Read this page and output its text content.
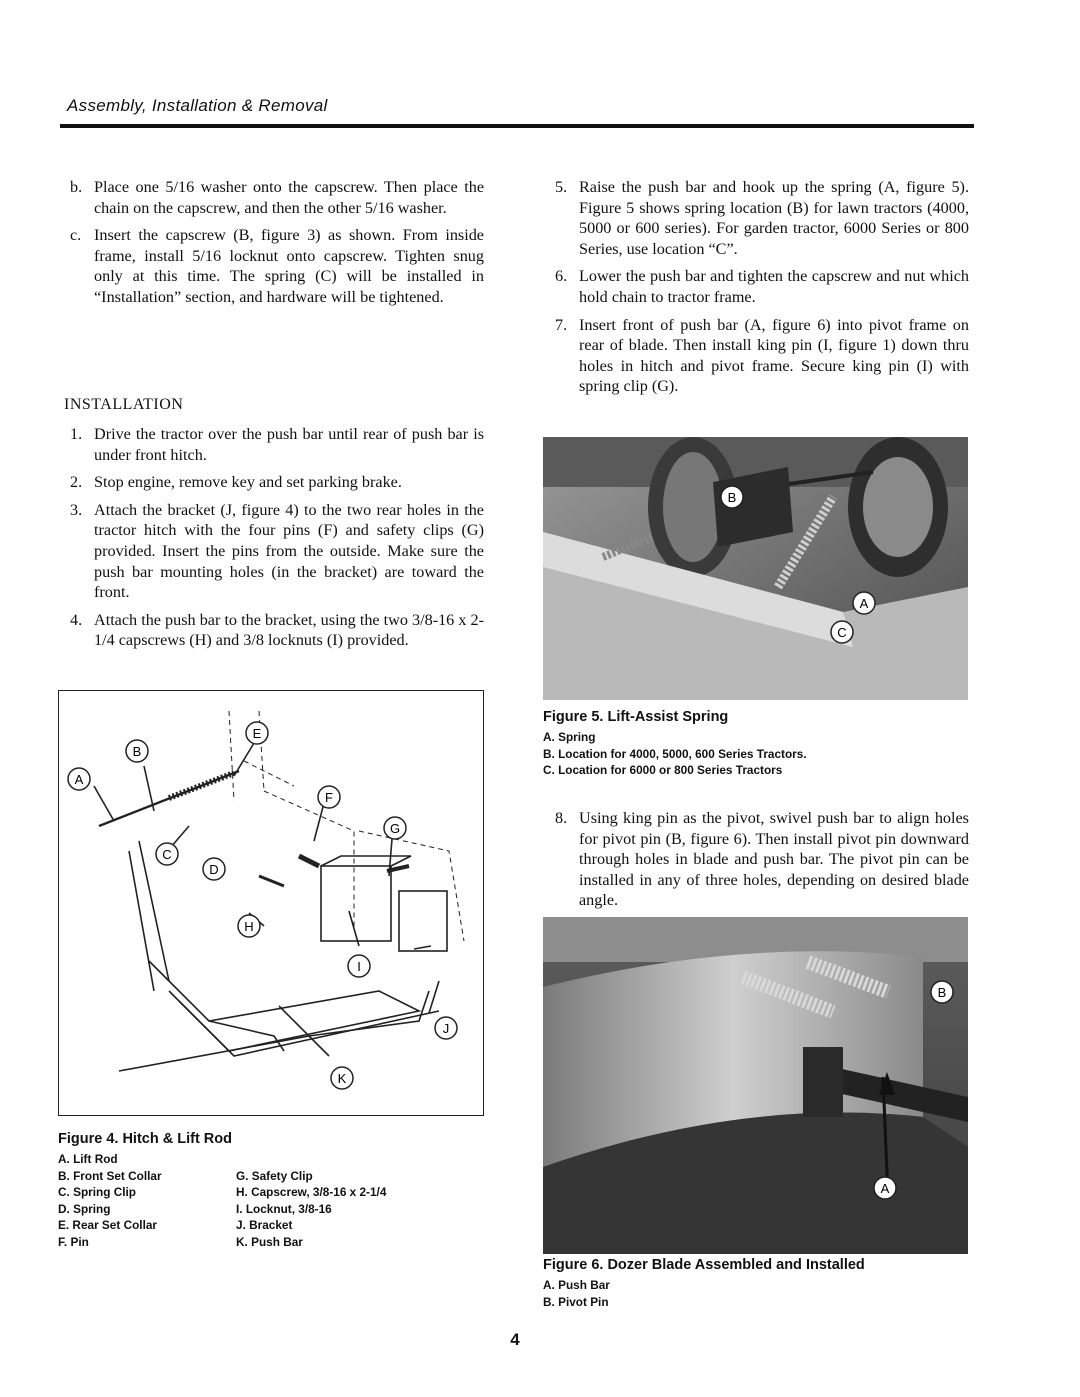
Assembly, Installation & Removal
b. Place one 5/16 washer onto the capscrew. Then place the chain on the capscrew, and then the other 5/16 washer.
c. Insert the capscrew (B, figure 3) as shown. From inside frame, install 5/16 locknut onto capscrew. Tighten snug only at this time. The spring (C) will be installed in “Installation” section, and hardware will be tightened.
INSTALLATION
1. Drive the tractor over the push bar until rear of push bar is under front hitch.
2. Stop engine, remove key and set parking brake.
3. Attach the bracket (J, figure 4) to the two rear holes in the tractor hitch with the four pins (F) and safety clips (G) provided. Insert the pins from the outside. Make sure the push bar mounting holes (in the bracket) are toward the front.
4. Attach the push bar to the bracket, using the two 3/8-16 x 2-1/4 capscrews (H) and 3/8 locknuts (I) provided.
E
B
A
F
G
C
D
H
I
J
K
Figure 4. Hitch & Lift Rod
A. Lift Rod
B. Front Set Collar
C. Spring Clip
D. Spring
E. Rear Set Collar
F. Pin
G. Safety Clip
H. Capscrew, 3/8-16 x 2-1/4
I. Locknut, 3/8-16
J. Bracket
K. Push Bar
5. Raise the push bar and hook up the spring (A, figure 5). Figure 5 shows spring location (B) for lawn tractors (4000, 5000 or 600 series). For garden tractor, 6000 Series or 800 Series, use location “C”.
6. Lower the push bar and tighten the capscrew and nut which hold chain to tractor frame.
7. Insert front of push bar (A, figure 6) into pivot frame on rear of blade. Then install king pin (I, figure 1) down thru holes in hitch and pivot frame. Secure king pin (I) with spring clip (G).
B
A
C
Figure 5. Lift-Assist Spring
A. Spring
B. Location for 4000, 5000, 600 Series Tractors.
C. Location for 6000 or 800 Series Tractors
8. Using king pin as the pivot, swivel push bar to align holes for pivot pin (B, figure 6). Then install pivot pin downward through holes in blade and push bar. The pivot pin can be installed in any of three holes, depending on desired blade angle.
B
A
Figure 6. Dozer Blade Assembled and Installed
A. Push Bar
B. Pivot Pin
4
